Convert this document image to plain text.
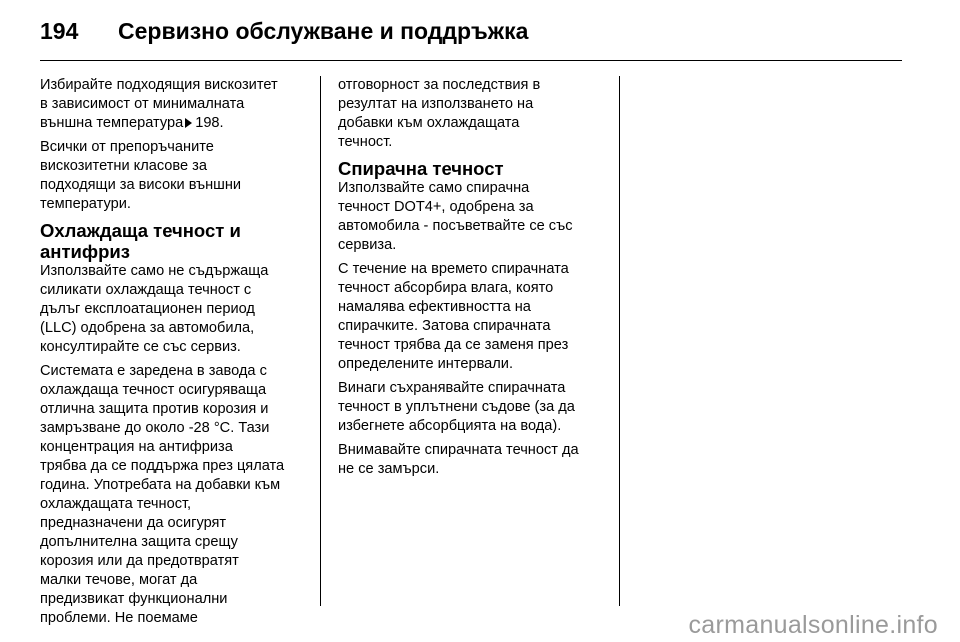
194 Сервизно обслужване и поддръжка
Избирайте подходящия вискозитет
в зависимост от минималната
външна температура 198.
Всички от препоръчаните
вискозитетни класове за
подходящи за високи външни
температури.
Охлаждаща течност и
антифриз
Използвайте само не съдържаща
силикати охлаждаща течност с
дълъг експлоатационен период
(LLC) одобрена за автомобила,
консултирайте се със сервиз.
Системата е заредена в завода с
охлаждаща течност осигуряваща
отлична защита против корозия и
замръзване до около -28 °C. Тази
концентрация на антифриза
трябва да се поддържа през цялата
година. Употребата на добавки към
охлаждащата течност,
предназначени да осигурят
допълнителна защита срещу
корозия или да предотвратят
малки течове, могат да
предизвикат функционални
проблеми. Не поемаме
отговорност за последствия в
резултат на използването на
добавки към охлаждащата
течност.
Спирачна течност
Използвайте само спирачна
течност DOT4+, одобрена за
автомобила - посъветвайте се със
сервиза.
С течение на времето спирачната
течност абсорбира влага, която
намалява ефективността на
спирачките. Затова спирачната
течност трябва да се заменя през
определените интервали.
Винаги съхранявайте спирачната
течност в уплътнени съдове (за да
избегнете абсорбцията на вода).
Внимавайте спирачната течност да
не се замърси.
carmanualsonline.info
